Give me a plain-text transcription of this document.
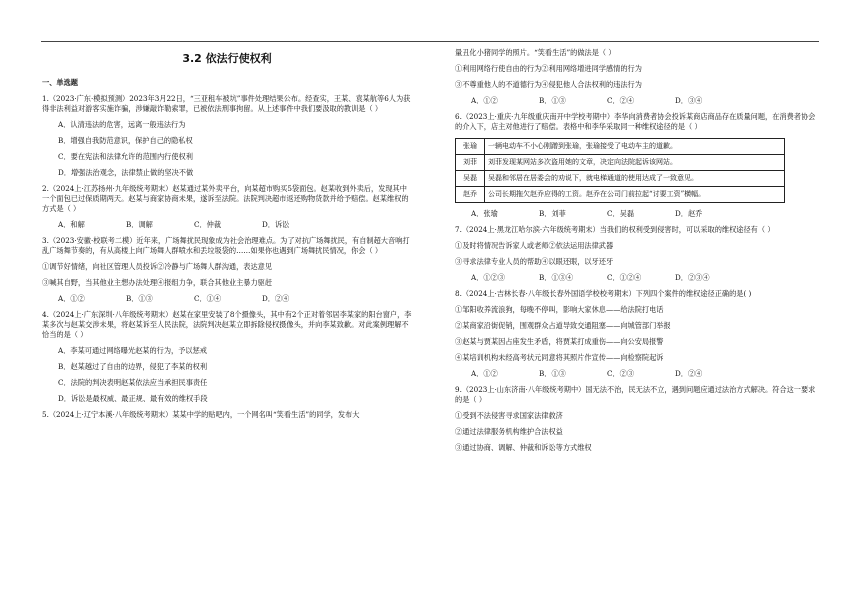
3.2 依法行使权利
一、单选题
1.（2023·广东·模拟预测）2023年3月22日，“三亚租车被坑”事件处理结果公布。经查实，王某、袁某航等6人为获得非法利益对游客实施诈骗，涉嫌敲诈勒索罪，已被依法刑事拘留。从上述事件中我们要汲取的教训是（ ）
A．认清违法的危害，远离一般违法行为
B．增强自我防范意识，保护自己的隐私权
C．要在宪法和法律允许的范围内行使权利
D．增强法治观念，法律禁止做的坚决不做
2.（2024上·江苏扬州·九年级统考期末）赵某通过某外卖平台，向某超市购买5袋面包。赵某收到外卖后，发现其中一个面包已过保质期两天。赵某与商家协商未果，遂诉至法院。法院判决超市返还购物货款并给予赔偿。赵某维权的方式是（ ）
A．和解	B．调解	C．仲裁	D．诉讼
3.（2023·安徽·校联考二模）近年来，广场舞扰民现象成为社会治理难点。为了对抗广场舞扰民，有自制超大音响打乱广场舞节奏的，有从高楼上向广场舞人群喷水和丢垃圾袋的……如果你也遇到广场舞扰民情况，你会（ ）
①调节好情绪，向社区管理人员投诉②冷静与广场舞人群沟通，表达意见
③喊其自野，当其他业主想办法处理④报组力争，联合其他业主暴力驱赶
A．①②	B．①③	C．①④	D．②④
4.（2024上·广东深圳·八年级统考期末）赵某在家里安装了8个摄像头，其中有2个正对着邻居李某家的阳台窗户，李某多次与赵某交涉未果，将赵某诉至人民法院，法院判决赵某立即拆除侵权摄像头，并向李某致歉。对此案例理解不恰当的是（ ）
A．李某可通过网络曝光赵某的行为，予以惩戒
B．赵某越过了自由的边界，侵犯了李某的权利
C．法院的判决表明赵某依法应当承担民事责任
D．诉讼是最权威、最正规、最有效的维权手段
5.（2024上·辽宁本溪·八年级统考期末）某某中学的贴吧内，一个网名叫“笑看生活”的同学，发布大
量丑化小猪同学的照片。“笑看生活”的做法是（ ）
①利用网络行使自由的行为②利用网络增进同学感情的行为
③不尊重他人的不道德行为④侵犯他人合法权利的违法行为
A．①②	B．①③	C．②④	D．③④
6.（2023上·重庆·九年级重庆南开中学校考期中）李华向消费者协会投诉某商店商品存在质量问题，在消费者协会的介入下，店主对他进行了赔偿。表格中和李华采取同一种维权途径的是（ ）
张瑜	一辆电动车不小心刚蹭到张瑜，张瑜接受了电动车主的道歉。
刘菲	刘菲发现某网站多次盗用她的文章，决定向法院起诉该网站。
吴磊	吴磊和邻居在居委会的劝说下，就电梯通道的使用达成了一致意见。
赵乔	公司长期拖欠赵乔应得的工资。赵乔在公司门前拉起“讨要工资”横幅。
A．张瑜	B．刘菲	C．吴磊	D．赵乔
7.（2024上·黑龙江哈尔滨·六年级统考期末）当我们的权利受到侵害时，可以采取的维权途径有（ ）
①及时将情况告诉家人或老师②依法运用法律武器
③寻求法律专业人员的帮助④以眼还眼，以牙还牙
A．①②③	B．①③④	C．①②④	D．②③④
8.（2024上·吉林长春·八年级长春外国语学校校考期末）下列四个案件的维权途径正确的是( )
①邹阳收养流浪狗，每晚不停叫，影响大家休息——给法院打电话
②某商家沿街促销，围观群众占道导致交通阻塞——向城管部门举报
③赵某与贾某因占座发生矛盾，将贾某打成重伤——向公安局报警
④某培训机构未经高考状元同意将其照片作宣传——向检察院起诉
A．①②	B．①③	C．②③	D．②④
9.（2023上·山东济南·八年级统考期中）国无法不治，民无法不立，遇到问题应通过法治方式解决。符合这一要求的是（ ）
①受到不法侵害寻求国家法律救济
②通过法律服务机构维护合法权益
③通过协商、调解、仲裁和诉讼等方式维权
